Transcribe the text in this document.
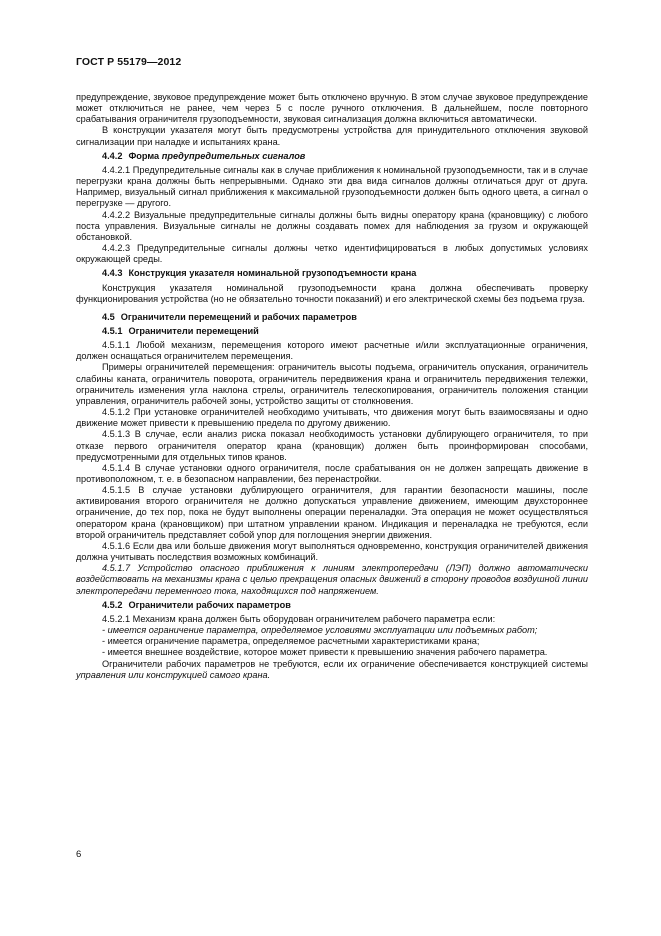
ГОСТ Р 55179—2012

предупреждение, звуковое предупреждение может быть отключено вручную. В этом случае звуковое предупреждение может отключиться не ранее, чем через 5 с после ручного отключения. В дальнейшем, после повторного срабатывания ограничителя грузоподъемности, звуковая сигнализация должна включиться автоматически.

В конструкции указателя могут быть предусмотрены устройства для принудительного отключения звуковой сигнализации при наладке и испытаниях крана.

4.4.2 Форма предупредительных сигналов

4.4.2.1 Предупредительные сигналы как в случае приближения к номинальной грузоподъемности, так и в случае перегрузки крана должны быть непрерывными. Однако эти два вида сигналов должны отличаться друг от друга. Например, визуальный сигнал приближения к максимальной грузоподъемности должен быть одного цвета, а сигнал о перегрузке — другого.

4.4.2.2 Визуальные предупредительные сигналы должны быть видны оператору крана (крановщику) с любого поста управления. Визуальные сигналы не должны создавать помех для наблюдения за грузом и окружающей обстановкой.

4.4.2.3 Предупредительные сигналы должны четко идентифицироваться в любых допустимых условиях окружающей среды.

4.4.3 Конструкция указателя номинальной грузоподъемности крана

Конструкция указателя номинальной грузоподъемности крана должна обеспечивать проверку функционирования устройства (но не обязательно точности показаний) и его электрической схемы без подъема груза.

4.5 Ограничители перемещений и рабочих параметров
4.5.1 Ограничители перемещений

4.5.1.1 Любой механизм, перемещения которого имеют расчетные и/или эксплуатационные ограничения, должен оснащаться ограничителем перемещения.

Примеры ограничителей перемещения: ограничитель высоты подъема, ограничитель опускания, ограничитель слабины каната, ограничитель поворота, ограничитель передвижения крана и ограничитель передвижения тележки, ограничитель изменения угла наклона стрелы, ограничитель телескопирования, ограничитель положения станции управления, ограничитель рабочей зоны, устройство защиты от столкновения.

4.5.1.2 При установке ограничителей необходимо учитывать, что движения могут быть взаимосвязаны и одно движение может привести к превышению предела по другому движению.

4.5.1.3 В случае, если анализ риска показал необходимость установки дублирующего ограничителя, то при отказе первого ограничителя оператор крана (крановщик) должен быть проинформирован способами, предусмотренными для отдельных типов кранов.

4.5.1.4 В случае установки одного ограничителя, после срабатывания он не должен запрещать движение в противоположном, т. е. в безопасном направлении, без перенастройки.

4.5.1.5 В случае установки дублирующего ограничителя, для гарантии безопасности машины, после активирования второго ограничителя не должно допускаться управление движением, имеющим двухстороннее ограничение, до тех пор, пока не будут выполнены операции переналадки. Эта операция не может осуществляться оператором крана (крановщиком) при штатном управлении краном. Индикация и переналадка не требуются, если второй ограничитель представляет собой упор для поглощения энергии движения.

4.5.1.6 Если два или больше движения могут выполняться одновременно, конструкция ограничителей движения должна учитывать последствия возможных комбинаций.

4.5.1.7 Устройство опасного приближения к линиям электропередачи (ЛЭП) должно автоматически воздействовать на механизмы крана с целью прекращения опасных движений в сторону проводов воздушной линии электропередачи переменного тока, находящихся под напряжением.

4.5.2 Ограничители рабочих параметров

4.5.2.1 Механизм крана должен быть оборудован ограничителем рабочего параметра если:

- имеется ограничение параметра, определяемое условиями эксплуатации или подъемных работ;

- имеется ограничение параметра, определяемое расчетными характеристиками крана;

- имеется внешнее воздействие, которое может привести к превышению значения рабочего параметра.

Ограничители рабочих параметров не требуются, если их ограничение обеспечивается конструкцией системы управления или конструкцией самого крана.

6
